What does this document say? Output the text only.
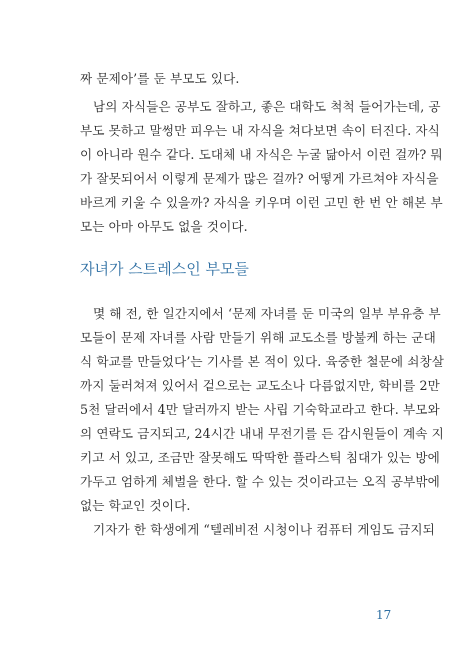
짜 문제아’를 둔 부모도 있다.
남의 자식들은 공부도 잘하고, 좋은 대학도 척척 들어가는데, 공
부도 못하고 말썽만 피우는 내 자식을 쳐다보면 속이 터진다. 자식
이 아니라 원수 같다. 도대체 내 자식은 누굴 닮아서 이런 걸까? 뭐
가 잘못되어서 이렇게 문제가 많은 걸까? 어떻게 가르쳐야 자식을
바르게 키울 수 있을까? 자식을 키우며 이런 고민 한 번 안 해본 부
모는 아마 아무도 없을 것이다.
자녀가 스트레스인 부모들
몇 해 전, 한 일간지에서 ‘문제 자녀를 둔 미국의 일부 부유층 부
모들이 문제 자녀를 사람 만들기 위해 교도소를 방불케 하는 군대
식 학교를 만들었다’는 기사를 본 적이 있다. 육중한 철문에 쇠창살
까지 둘러쳐져 있어서 겉으로는 교도소나 다름없지만, 학비를 2만
5천 달러에서 4만 달러까지 받는 사립 기숙학교라고 한다. 부모와
의 연락도 금지되고, 24시간 내내 무전기를 든 감시원들이 계속 지
키고 서 있고, 조금만 잘못해도 딱딱한 플라스틱 침대가 있는 방에
가두고 엄하게 체벌을 한다. 할 수 있는 것이라고는 오직 공부밖에
없는 학교인 것이다.
기자가 한 학생에게 “텔레비전 시청이나 컴퓨터 게임도 금지되
17
